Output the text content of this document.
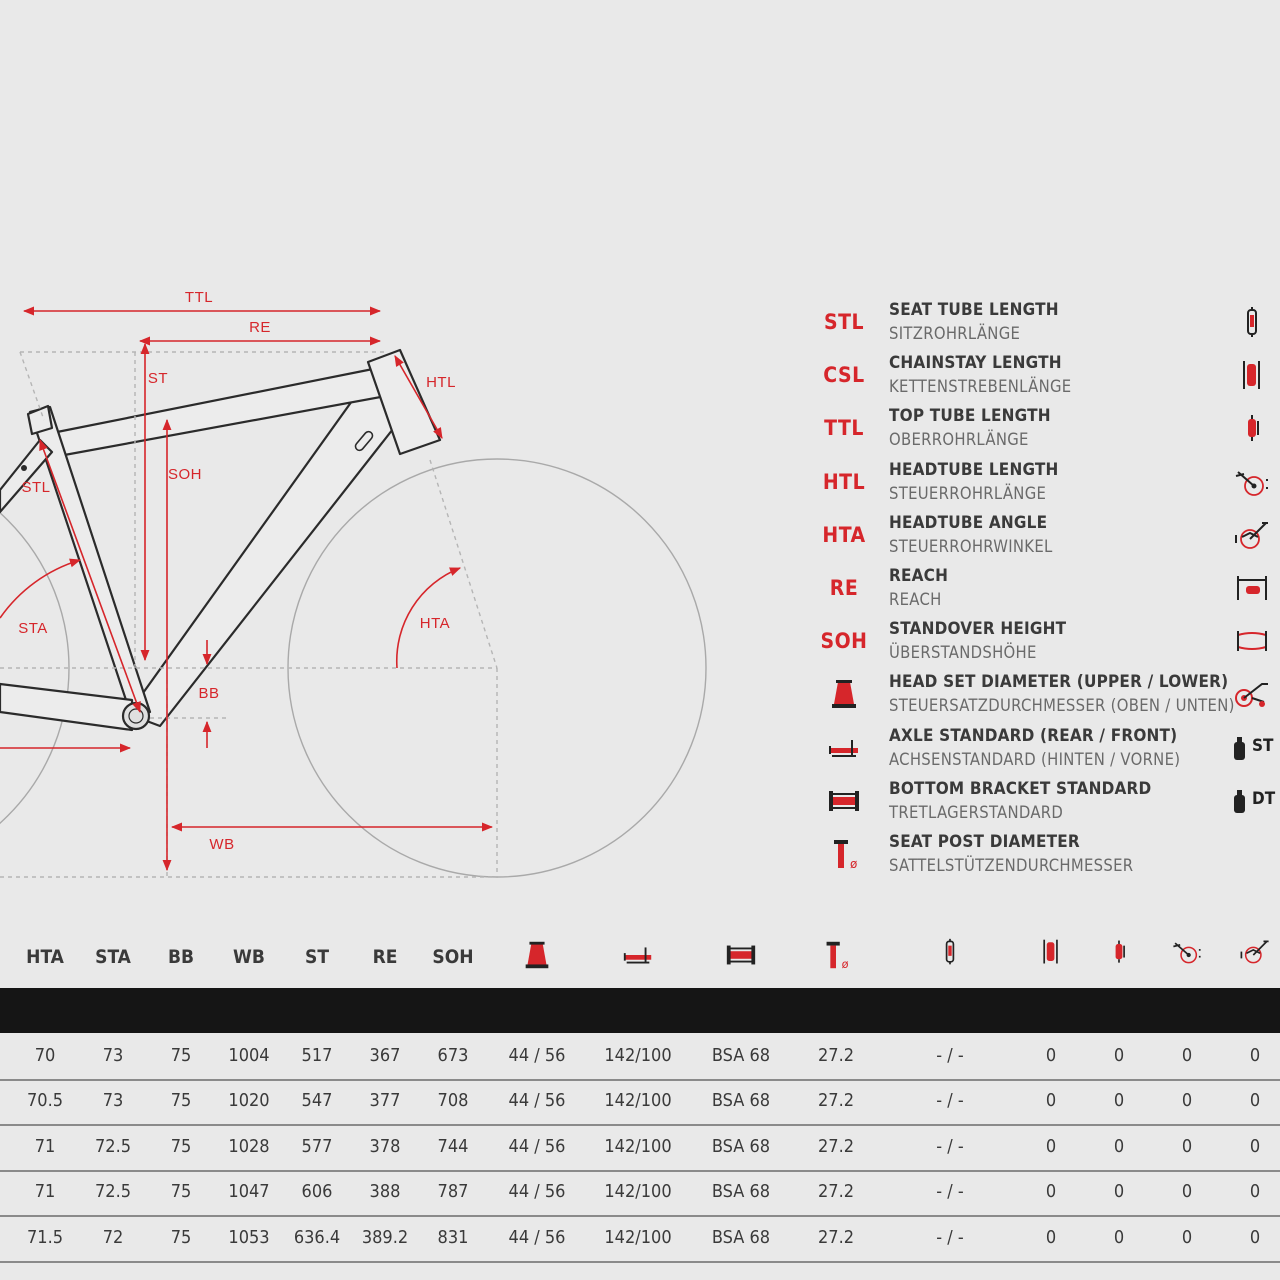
TTL
RE
ST	HTL
SOH
STL
STA	HTA
BB
WB
STL SEAT TUBE LENGTH
SITZROHRLÄNGE
CSL CHAINSTAY LENGTH
KETTENSTREBENLÄNGE
TTL TOP TUBE LENGTH
OBERROHRLÄNGE
HTL HEADTUBE LENGTH
STEUERROHRLÄNGE
HTA HEADTUBE ANGLE
STEUERROHRWINKEL
RE	REACH
REACH
SOH STANDOVER HEIGHT
ÜBERSTANDSHÖHE
HEAD SET DIAMETER (UPPER / LOWER)
STEUERSATZDURCHMESSER (OBEN / UNTEN)
AXLE STANDARD (REAR / FRONT)
ACHSENSTANDARD (HINTEN / VORNE)
ST
BOTTOM BRACKET STANDARD
TRETLAGERSTANDARD
DT
ø
SEAT POST DIAMETER
SATTELSTÜTZENDURCHMESSER
HTA STA BB WB ST RE SOH	ø
70	73	75 1004 517 367 673 44 / 56 142/100 BSA 68	27.2	- / -	0	0	0	0
70.5 73	75 1020 547 377 708 44 / 56 142/100 BSA 68	27.2	- / -	0	0	0	0
71 72.5 75 1028 577 378 744 44 / 56 142/100 BSA 68	27.2	- / -	0	0	0	0
71 72.5 75 1047 606 388 787 44 / 56 142/100 BSA 68	27.2	- / -	0	0	0	0
71.5 72	75 1053 636.4 389.2 831 44 / 56 142/100 BSA 68	27.2	- / -	0	0	0	0
